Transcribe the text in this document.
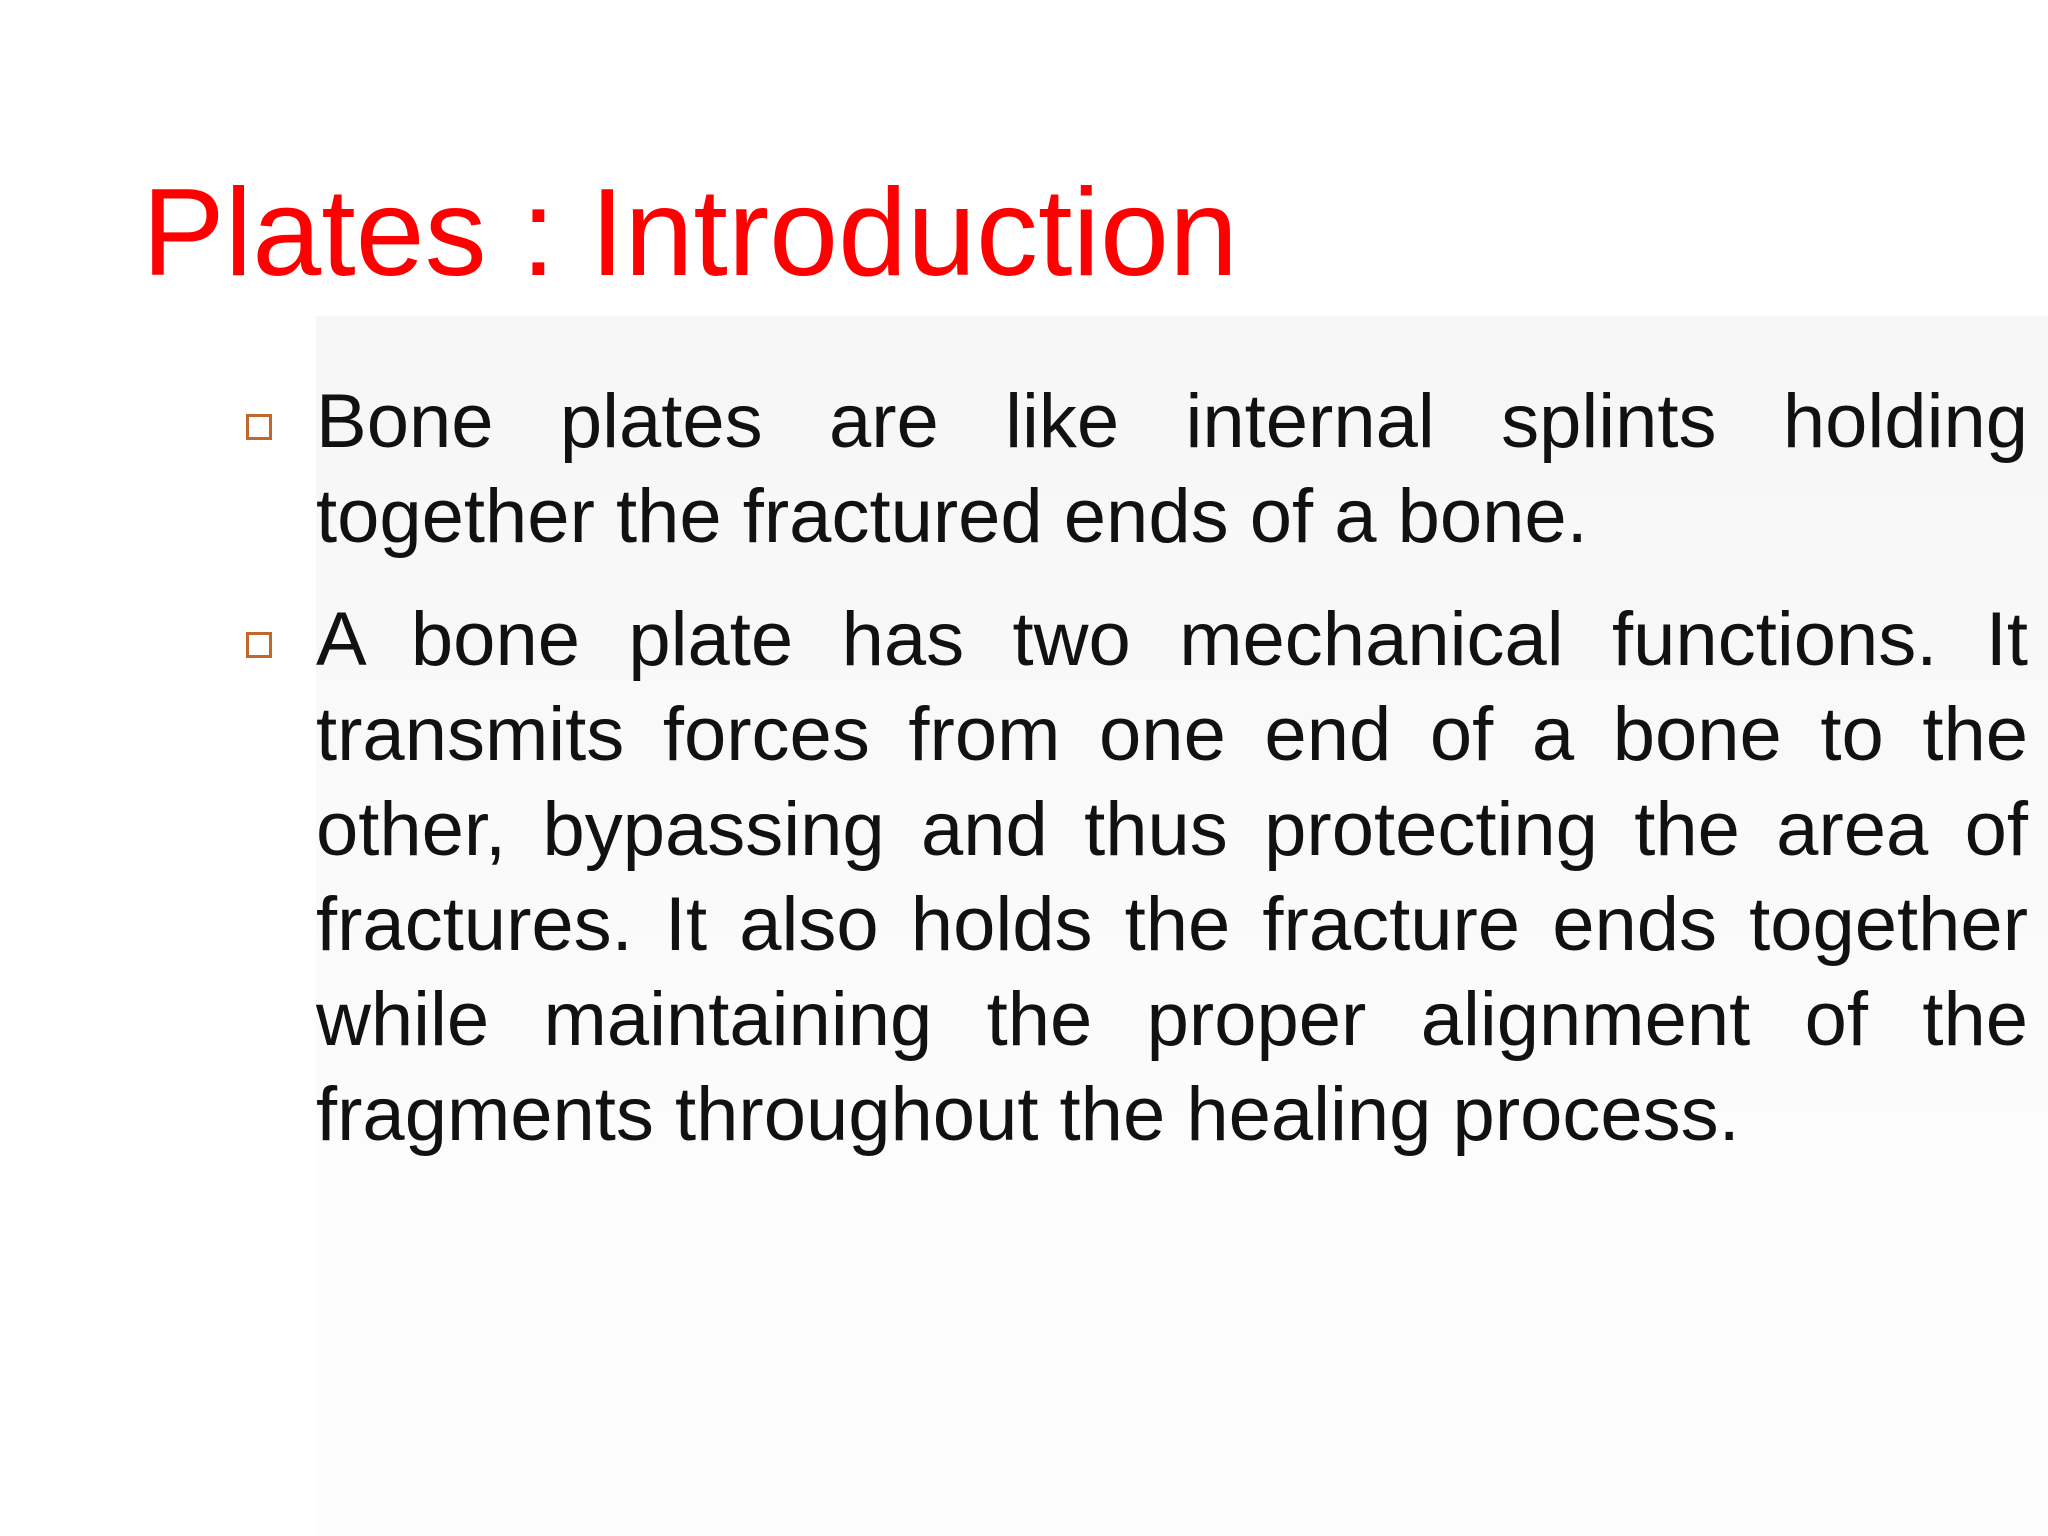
Plates : Introduction
Bone plates are like internal splints holding together the fractured ends of a bone.
A bone plate has two mechanical functions. It transmits forces from one end of a bone to the other, bypassing and thus protecting the area of fractures. It also holds the fracture ends together while maintaining the proper alignment of the fragments throughout the healing process.
